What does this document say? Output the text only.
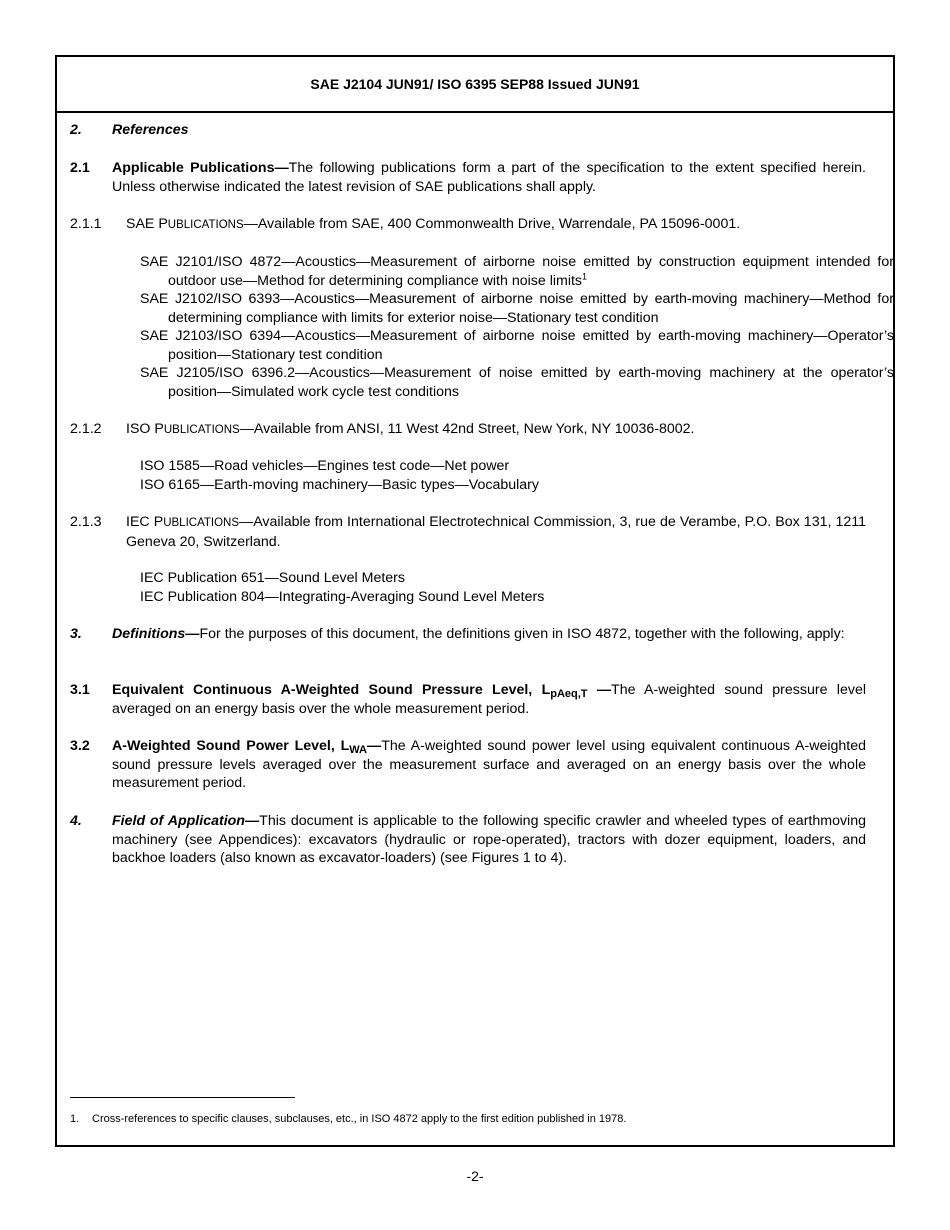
SAE J2104 JUN91/ ISO 6395 SEP88 Issued JUN91
2. References
2.1 Applicable Publications—The following publications form a part of the specification to the extent specified herein. Unless otherwise indicated the latest revision of SAE publications shall apply.
2.1.1 SAE PUBLICATIONS—Available from SAE, 400 Commonwealth Drive, Warrendale, PA 15096-0001.
SAE J2101/ISO 4872—Acoustics—Measurement of airborne noise emitted by construction equipment intended for outdoor use—Method for determining compliance with noise limits$^1$
SAE J2102/ISO 6393—Acoustics—Measurement of airborne noise emitted by earth-moving machinery—Method for determining compliance with limits for exterior noise—Stationary test condition
SAE J2103/ISO 6394—Acoustics—Measurement of airborne noise emitted by earth-moving machinery—Operator’s position—Stationary test condition
SAE J2105/ISO 6396.2—Acoustics—Measurement of noise emitted by earth-moving machinery at the operator’s position—Simulated work cycle test conditions
2.1.2 ISO PUBLICATIONS—Available from ANSI, 11 West 42nd Street, New York, NY 10036-8002.
ISO 1585—Road vehicles—Engines test code—Net power
ISO 6165—Earth-moving machinery—Basic types—Vocabulary
2.1.3 IEC PUBLICATIONS—Available from International Electrotechnical Commission, 3, rue de Verambe, P.O. Box 131, 1211 Geneva 20, Switzerland.
IEC Publication 651—Sound Level Meters
IEC Publication 804—Integrating-Averaging Sound Level Meters
3. Definitions—For the purposes of this document, the definitions given in ISO 4872, together with the following, apply:
3.1 Equivalent Continuous A-Weighted Sound Pressure Level, $L_{pAeq,T}$ —The A-weighted sound pressure level averaged on an energy basis over the whole measurement period.
3.2 A-Weighted Sound Power Level, $L_{WA}—The$ A-weighted sound power level using equivalent continuous A-weighted sound pressure levels averaged over the measurement surface and averaged on an energy basis over the whole measurement period.
4. Field of Application—This document is applicable to the following specific crawler and wheeled types of earthmoving machinery (see Appendices): excavators (hydraulic or rope-operated), tractors with dozer equipment, loaders, and backhoe loaders (also known as excavator-loaders) (see Figures 1 to 4).
1. Cross-references to specific clauses, subclauses, etc., in ISO 4872 apply to the first edition published in 1978.
-2-
